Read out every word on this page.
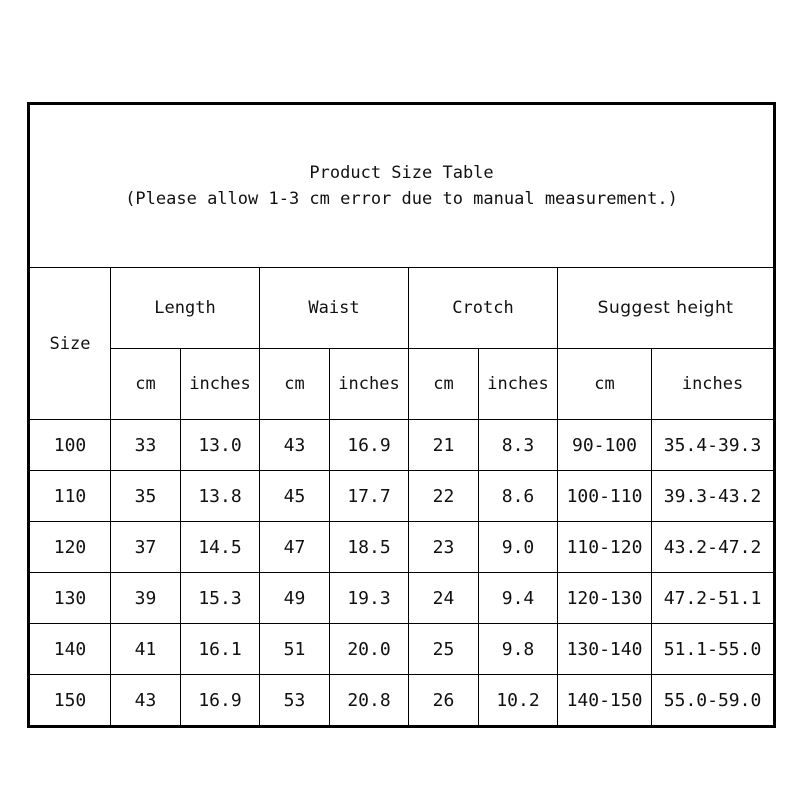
Product Size Table
(Please allow 1-3 cm error due to manual measurement.)								

Size	Length		Waist		Crotch		Suggest height	
	cm	inches	cm	inches	cm	inches	cm	inches
100	33	13.0	43	16.9	21	8.3	90-100	35.4-39.3
110	35	13.8	45	17.7	22	8.6	100-110	39.3-43.2
120	37	14.5	47	18.5	23	9.0	110-120	43.2-47.2
130	39	15.3	49	19.3	24	9.4	120-130	47.2-51.1
140	41	16.1	51	20.0	25	9.8	130-140	51.1-55.0
150	43	16.9	53	20.8	26	10.2	140-150	55.0-59.0
